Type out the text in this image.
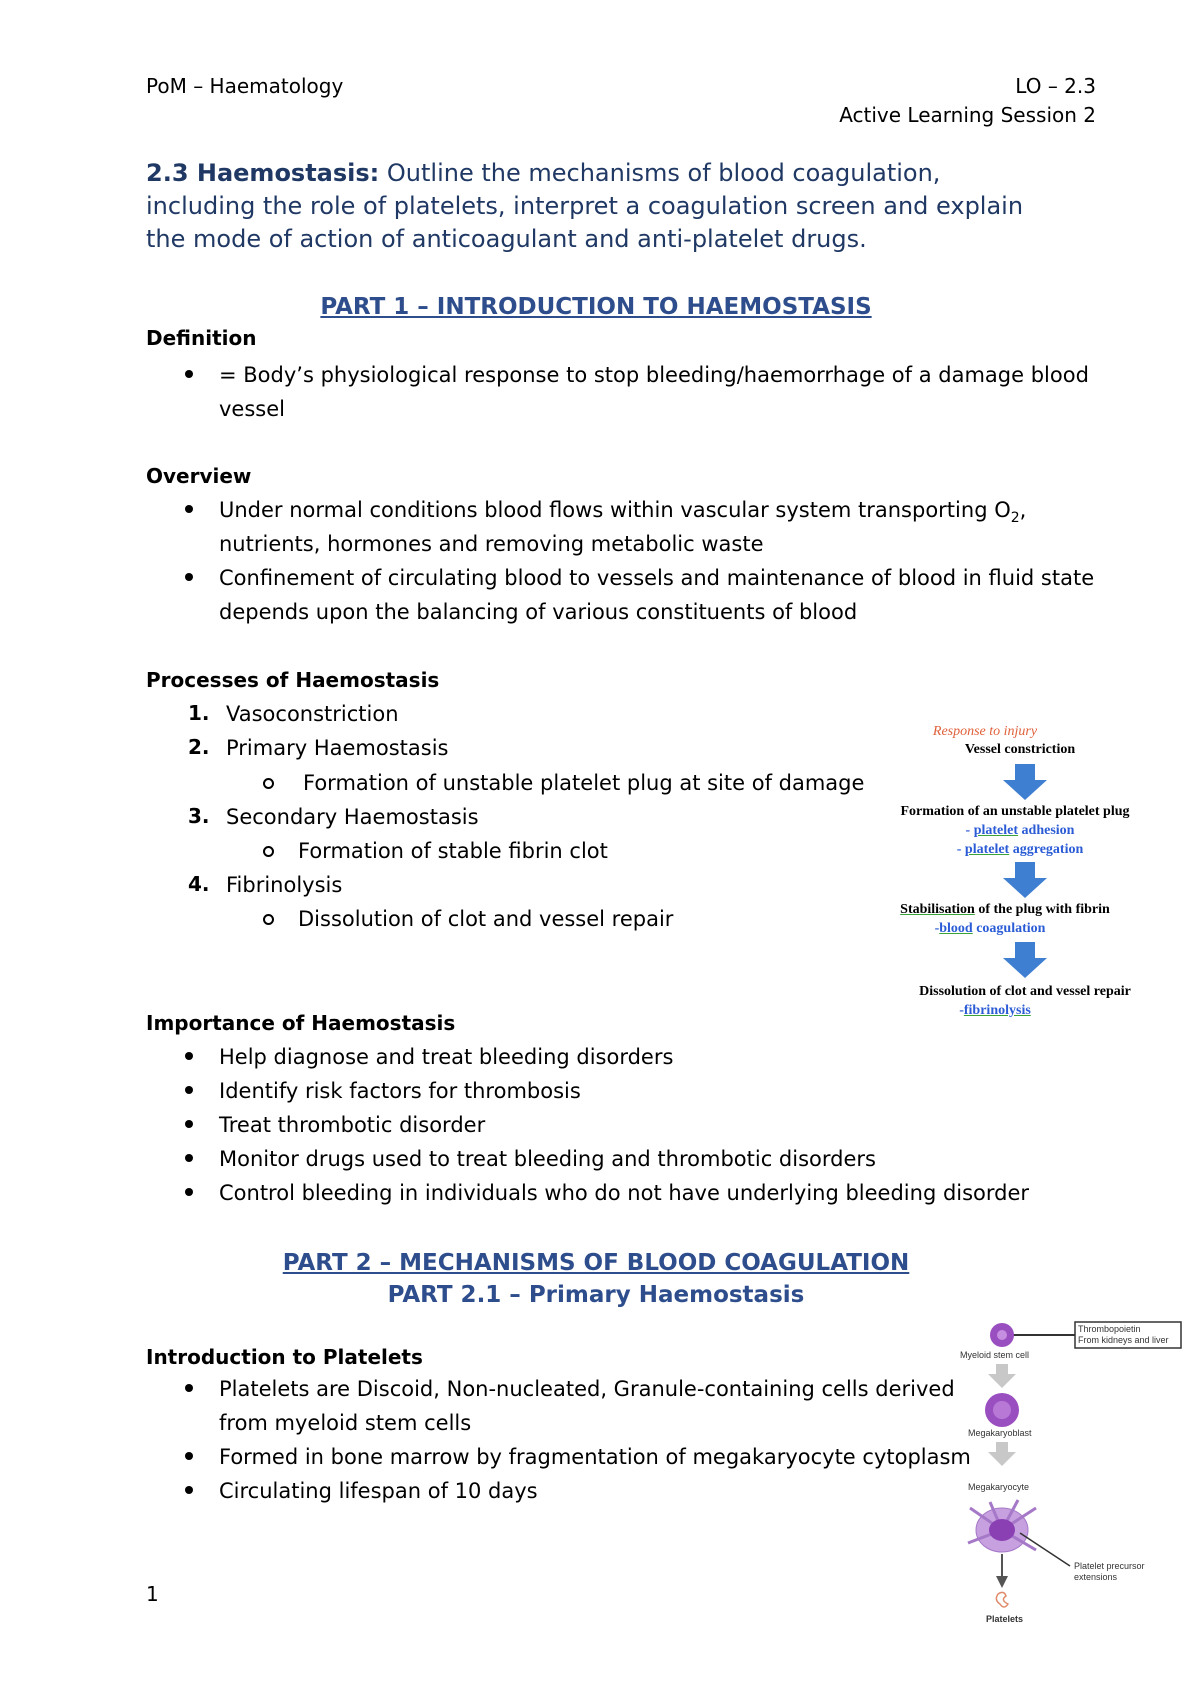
PoM – Haematology	LO – 2.3
Active Learning Session 2
2.3 Haemostasis: Outline the mechanisms of blood coagulation,
including the role of platelets, interpret a coagulation screen and explain
the mode of action of anticoagulant and anti-platelet drugs.
PART 1 – INTRODUCTION TO HAEMOSTASIS
Definition
= Body’s physiological response to stop bleeding/haemorrhage of a damage blood
vessel
Overview
Under normal conditions blood flows within vascular system transporting $O_2$,
nutrients, hormones and removing metabolic waste
Confinement of circulating blood to vessels and maintenance of blood in fluid state
depends upon the balancing of various constituents of blood
Processes of Haemostasis
1. Vasoconstriction
2. Primary Haemostasis
Formation of unstable platelet plug at site of damage
3. Secondary Haemostasis
Formation of stable fibrin clot
4. Fibrinolysis
Dissolution of clot and vessel repair
Response to injury
Vessel constriction
Formation of an unstable platelet plug
- platelet adhesion
- platelet aggregation
Stabilisation of the plug with fibrin
-blood coagulation
Dissolution of clot and vessel repair
-fibrinolysis
Importance of Haemostasis
Help diagnose and treat bleeding disorders
Identify risk factors for thrombosis
Treat thrombotic disorder
Monitor drugs used to treat bleeding and thrombotic disorders
Control bleeding in individuals who do not have underlying bleeding disorder
PART 2 – MECHANISMS OF BLOOD COAGULATION
PART 2.1 – Primary Haemostasis
Introduction to Platelets
Platelets are Discoid, Non-nucleated, Granule-containing cells derived
from myeloid stem cells
Formed in bone marrow by fragmentation of megakaryocyte cytoplasm
Circulating lifespan of 10 days
Thrombopoietin
From kidneys and liver
Myeloid stem cell
Megakaryoblast
Megakaryocyte
Platelet precursor
extensions
Platelets
1
